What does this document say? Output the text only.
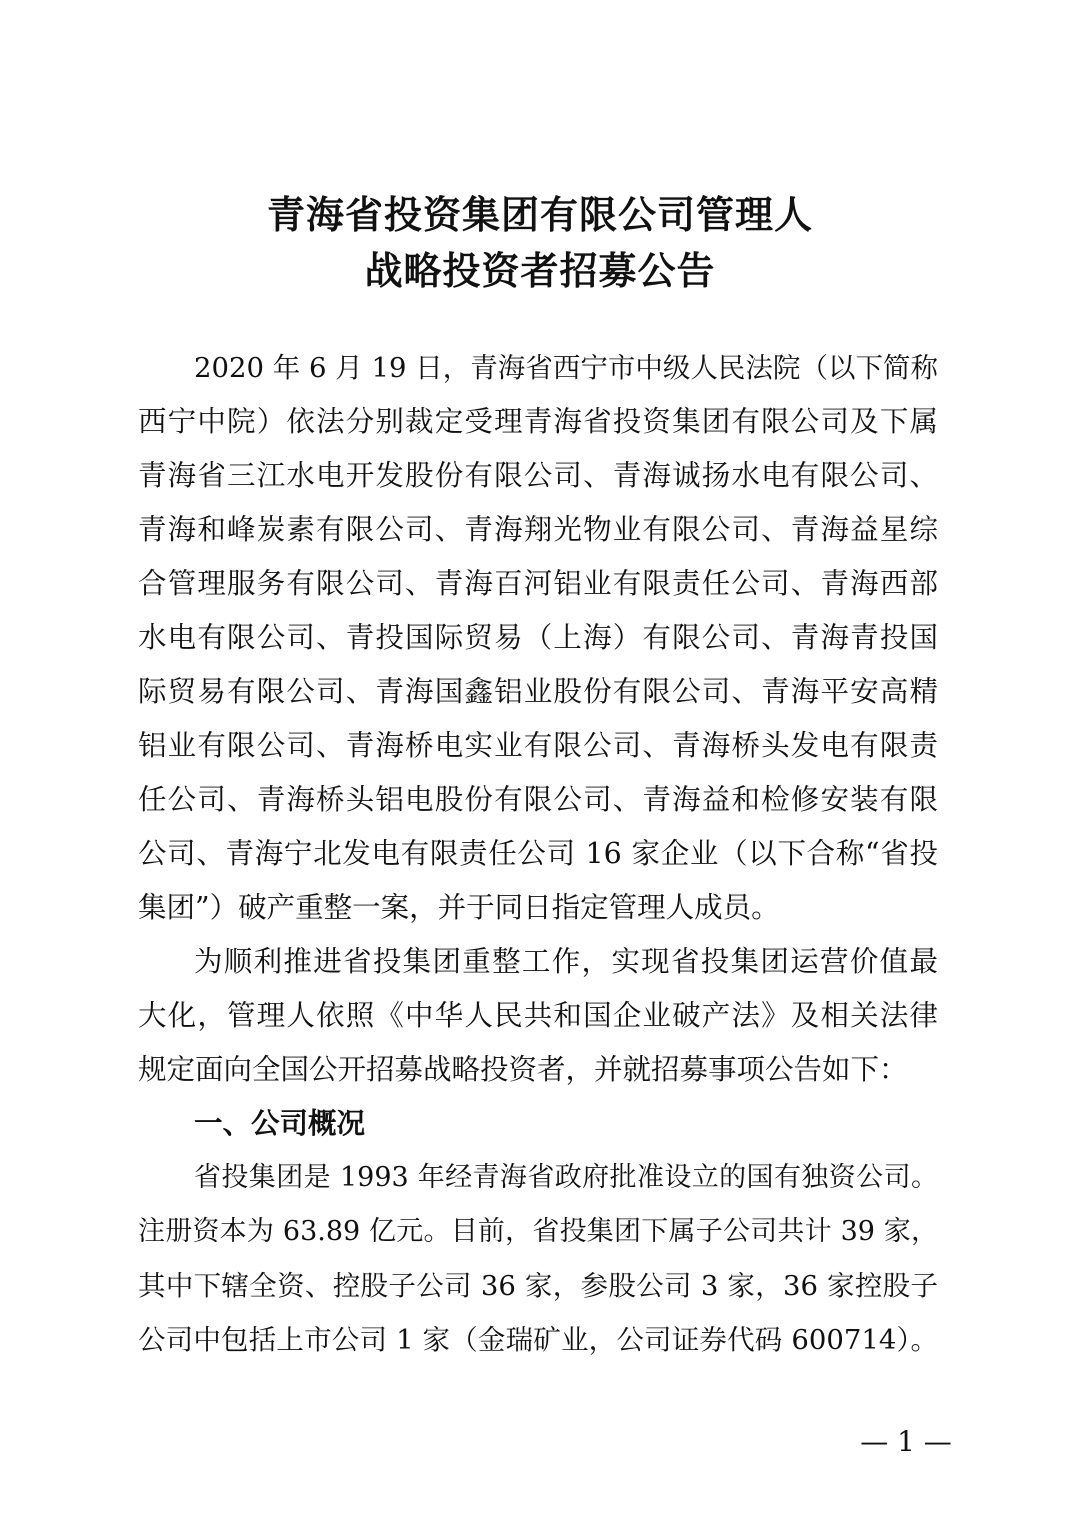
青海省投资集团有限公司管理人
战略投资者招募公告
2020 年 6 月 19 日，青海省西宁市中级人民法院（以下简称
西宁中院）依法分别裁定受理青海省投资集团有限公司及下属
青海省三江水电开发股份有限公司、青海诚扬水电有限公司、
青海和峰炭素有限公司、青海翔光物业有限公司、青海益星综
合管理服务有限公司、青海百河铝业有限责任公司、青海西部
水电有限公司、青投国际贸易（上海）有限公司、青海青投国
际贸易有限公司、青海国鑫铝业股份有限公司、青海平安高精
铝业有限公司、青海桥电实业有限公司、青海桥头发电有限责
任公司、青海桥头铝电股份有限公司、青海益和检修安装有限
公司、青海宁北发电有限责任公司 16 家企业（以下合称“省投
集团”）破产重整一案，并于同日指定管理人成员。
为顺利推进省投集团重整工作，实现省投集团运营价值最
大化，管理人依照《中华人民共和国企业破产法》及相关法律
规定面向全国公开招募战略投资者，并就招募事项公告如下：
一、公司概况
省投集团是 1993 年经青海省政府批准设立的国有独资公司。
注册资本为 63.89 亿元。目前，省投集团下属子公司共计 39 家，
其中下辖全资、控股子公司 36 家，参股公司 3 家，36 家控股子
公司中包括上市公司 1 家（金瑞矿业，公司证券代码 600714）。
— 1 —
